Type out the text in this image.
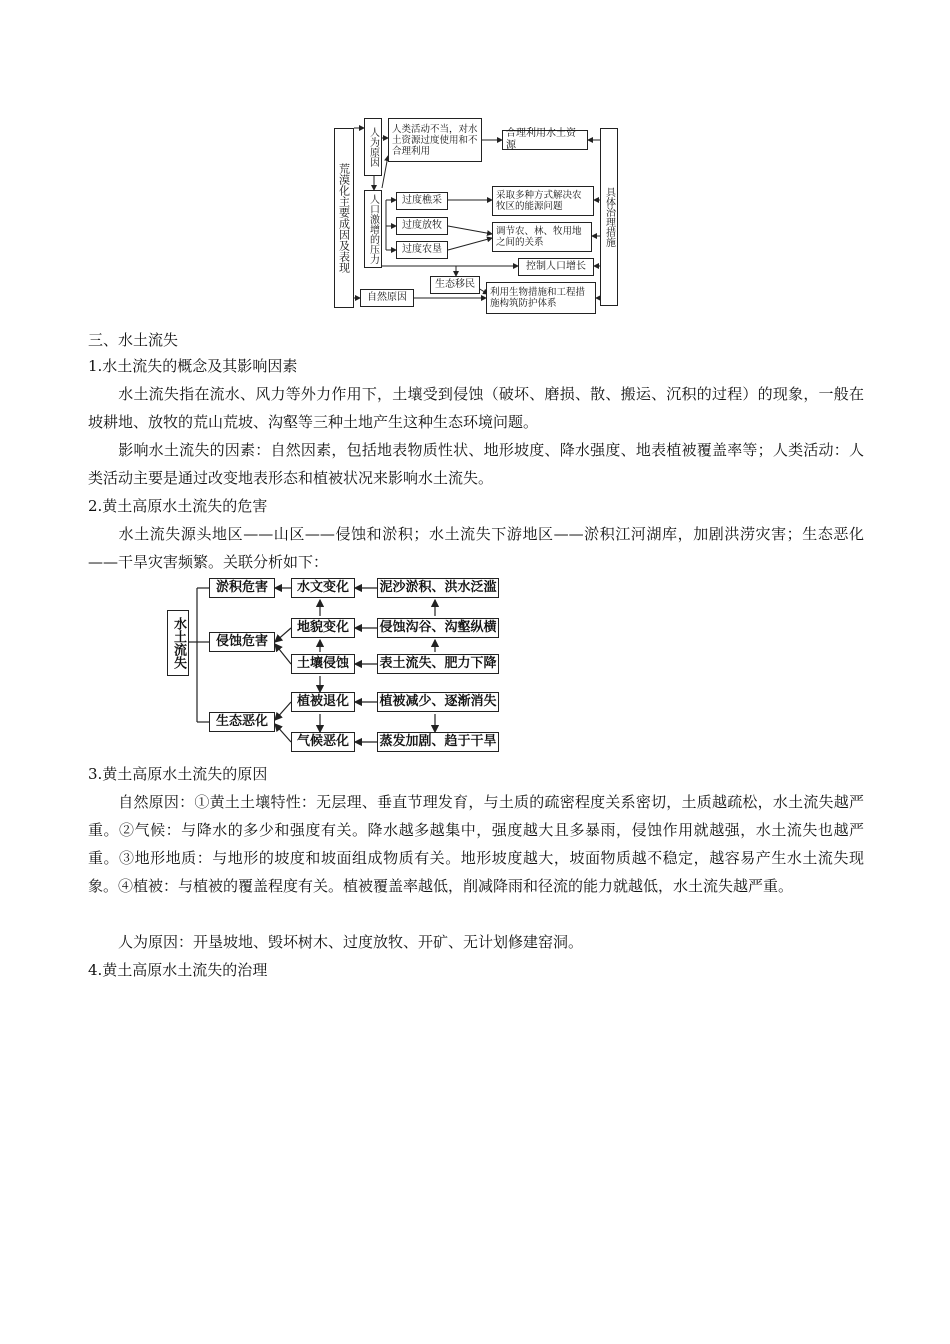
荒漠化主要成因及表现
人为原因
人口激增的压力
人类活动不当，对水土资源过度使用和不合理利用
合理利用水土资源
过度樵采
过度放牧
过度农垦
采取多种方式解决农牧区的能源问题
调节农、林、牧用地之间的关系
控制人口增长
生态移民
自然原因	利用生物措施和工程措施构筑防护体系
具体治理措施
三、水土流失
1.水土流失的概念及其影响因素
水土流失指在流水、风力等外力作用下，土壤受到侵蚀（破坏、磨损、散、搬运、沉积的过程）的现象，一般在坡耕地、放牧的荒山荒坡、沟壑等三种土地产生这种生态环境问题。
影响水土流失的因素：自然因素，包括地表物质性状、地形坡度、降水强度、地表植被覆盖率等；人类活动：人类活动主要是通过改变地表形态和植被状况来影响水土流失。
2.黄土高原水土流失的危害
水土流失源头地区——山区——侵蚀和淤积；水土流失下游地区——淤积江河湖库，加剧洪涝灾害；生态恶化——干旱灾害频繁。关联分析如下：
水土流失
淤积危害
侵蚀危害
生态恶化
水文变化
地貌变化
土壤侵蚀
植被退化
气候恶化
泥沙淤积、洪水泛滥
侵蚀沟谷、沟壑纵横
表土流失、肥力下降
植被减少、逐渐消失
蒸发加剧、趋于干旱
3.黄土高原水土流失的原因
自然原因：①黄土土壤特性：无层理、垂直节理发育，与土质的疏密程度关系密切，土质越疏松，水土流失越严重。②气候：与降水的多少和强度有关。降水越多越集中，强度越大且多暴雨，侵蚀作用就越强，水土流失也越严重。③地形地质：与地形的坡度和坡面组成物质有关。地形坡度越大，坡面物质越不稳定，越容易产生水土流失现象。④植被：与植被的覆盖程度有关。植被覆盖率越低，削减降雨和径流的能力就越低，水土流失越严重。
人为原因：开垦坡地、毁坏树木、过度放牧、开矿、无计划修建窑洞。
4.黄土高原水土流失的治理
